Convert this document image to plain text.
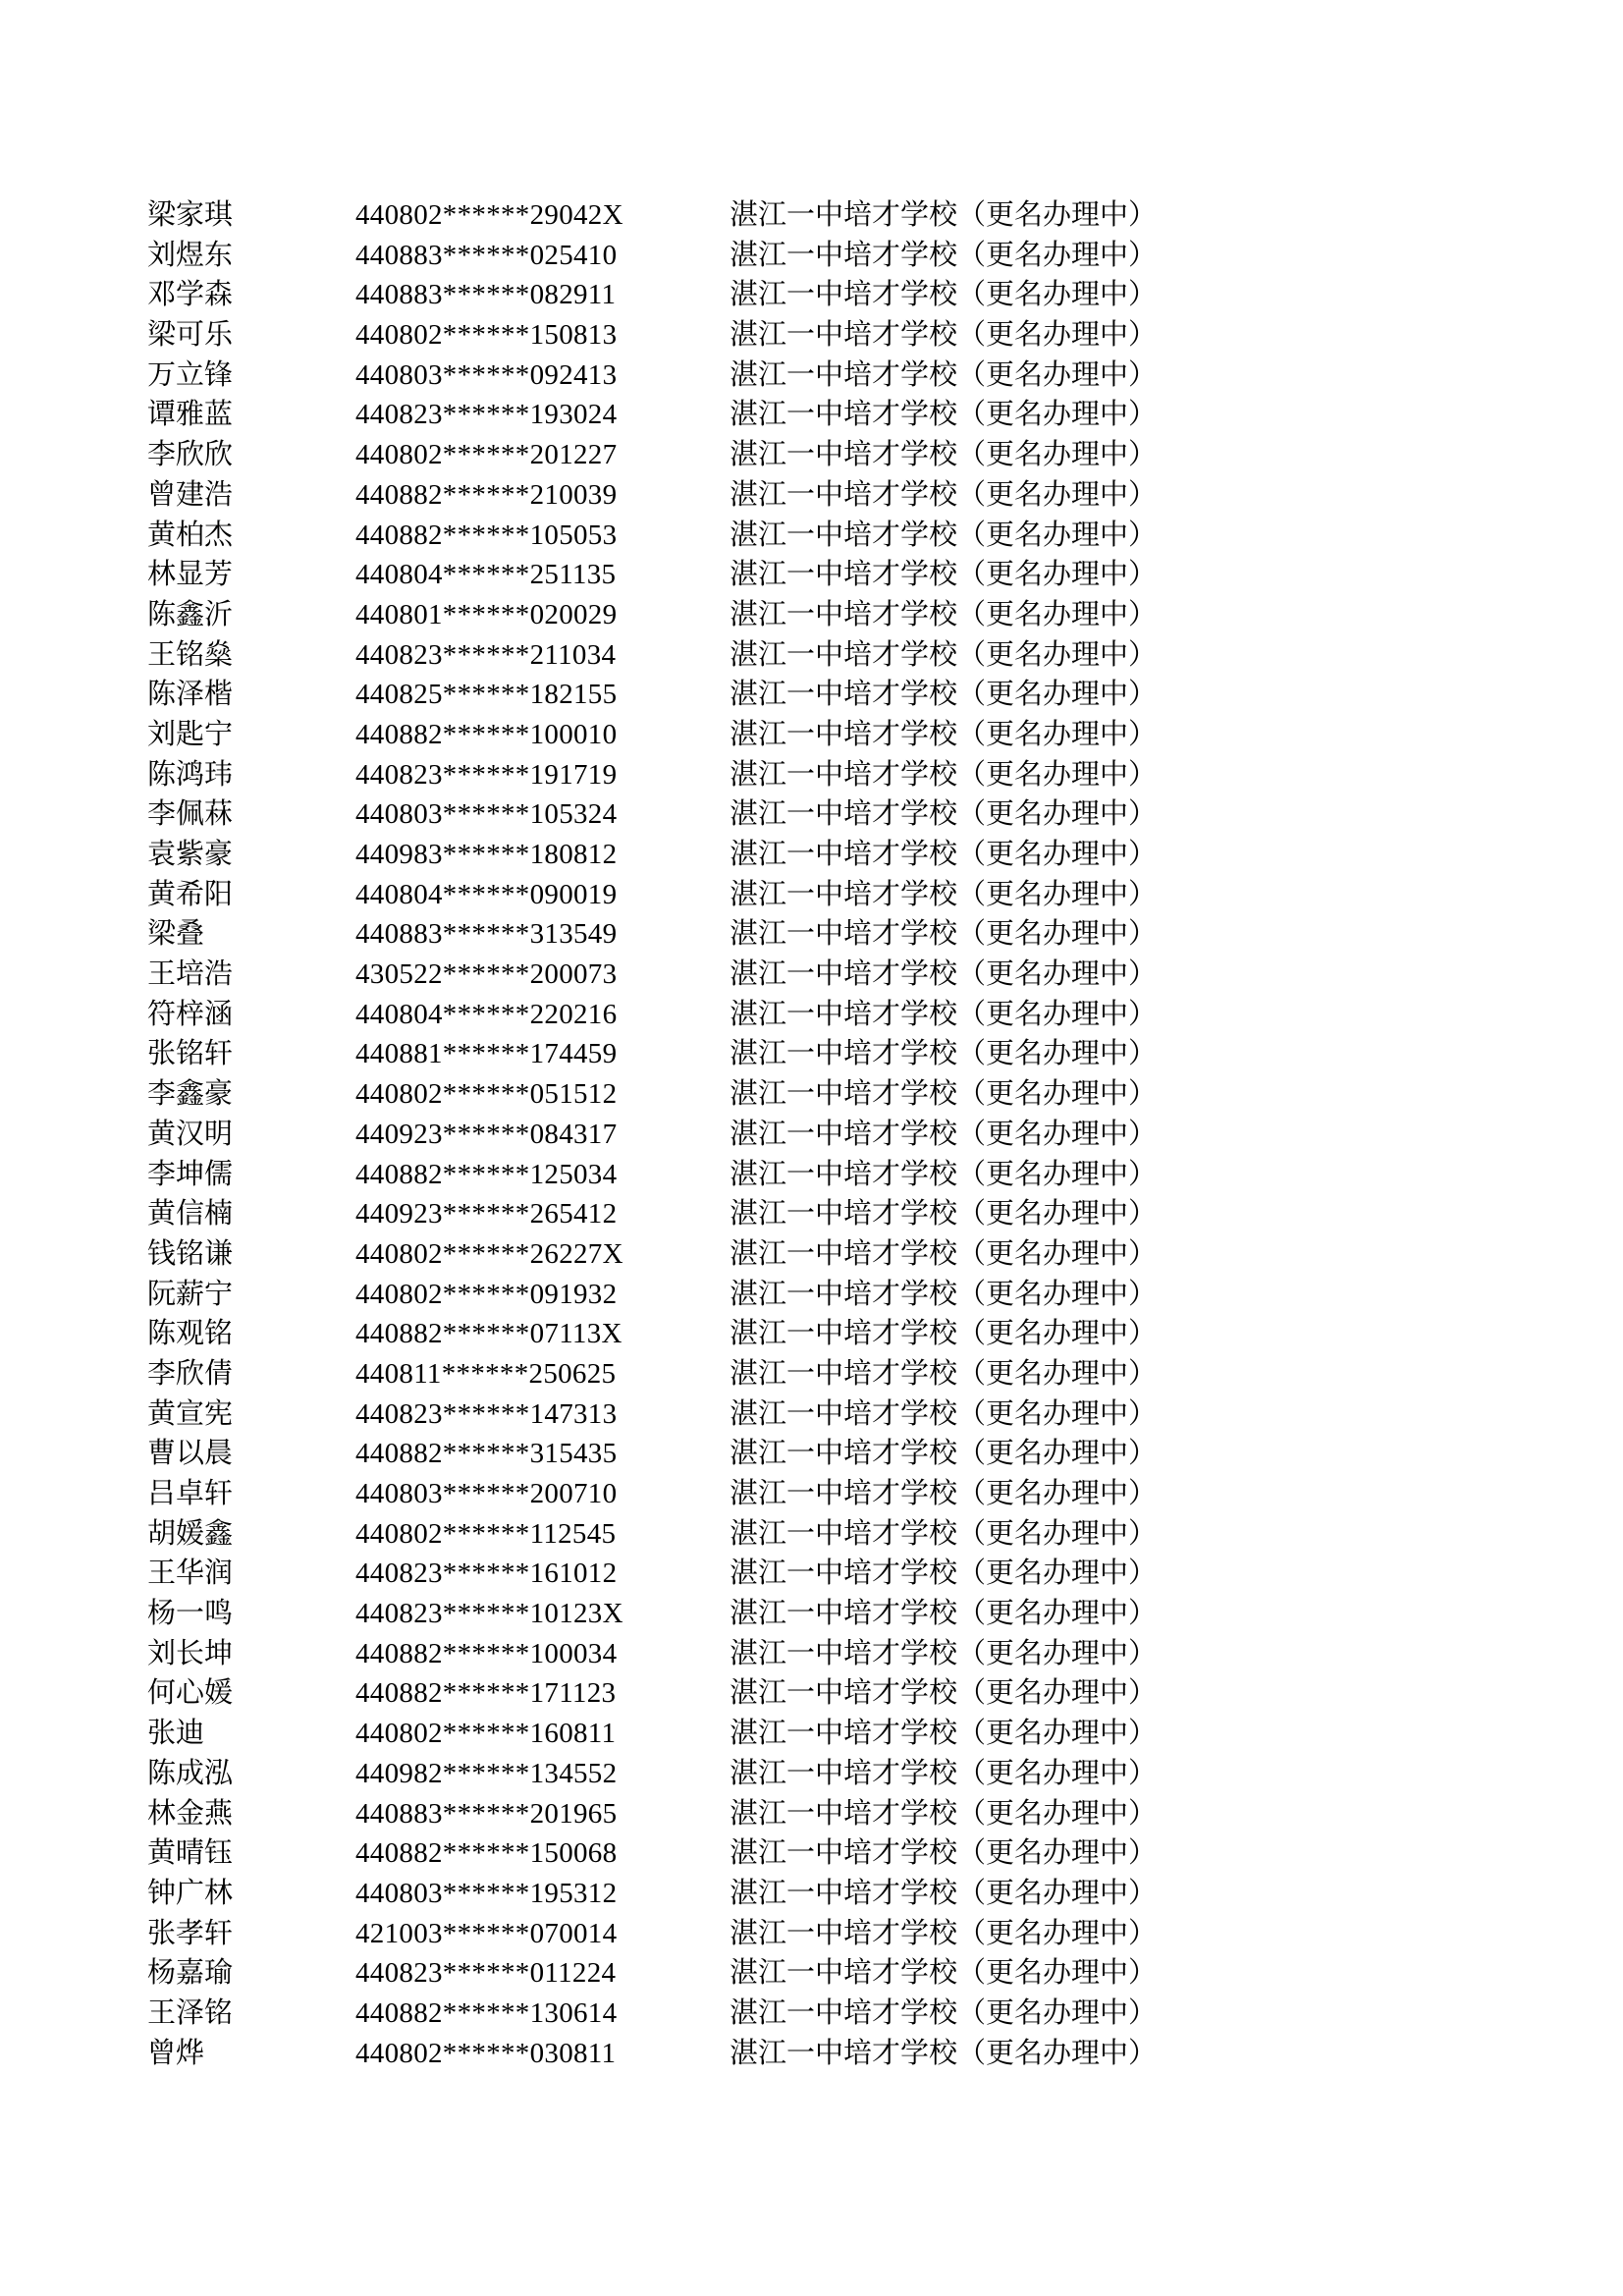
梁家琪	440802******29042X	湛江一中培才学校（更名办理中）
刘煜东	440883******025410	湛江一中培才学校（更名办理中）
邓学森	440883******082911	湛江一中培才学校（更名办理中）
梁可乐	440802******150813	湛江一中培才学校（更名办理中）
万立锋	440803******092413	湛江一中培才学校（更名办理中）
谭雅蓝	440823******193024	湛江一中培才学校（更名办理中）
李欣欣	440802******201227	湛江一中培才学校（更名办理中）
曾建浩	440882******210039	湛江一中培才学校（更名办理中）
黄柏杰	440882******105053	湛江一中培才学校（更名办理中）
林显芳	440804******251135	湛江一中培才学校（更名办理中）
陈鑫沂	440801******020029	湛江一中培才学校（更名办理中）
王铭燊	440823******211034	湛江一中培才学校（更名办理中）
陈泽楷	440825******182155	湛江一中培才学校（更名办理中）
刘匙宁	440882******100010	湛江一中培才学校（更名办理中）
陈鸿玮	440823******191719	湛江一中培才学校（更名办理中）
李佩菻	440803******105324	湛江一中培才学校（更名办理中）
袁紫豪	440983******180812	湛江一中培才学校（更名办理中）
黄希阳	440804******090019	湛江一中培才学校（更名办理中）
梁叠	440883******313549	湛江一中培才学校（更名办理中）
王培浩	430522******200073	湛江一中培才学校（更名办理中）
符梓涵	440804******220216	湛江一中培才学校（更名办理中）
张铭轩	440881******174459	湛江一中培才学校（更名办理中）
李鑫豪	440802******051512	湛江一中培才学校（更名办理中）
黄汉明	440923******084317	湛江一中培才学校（更名办理中）
李坤儒	440882******125034	湛江一中培才学校（更名办理中）
黄信楠	440923******265412	湛江一中培才学校（更名办理中）
钱铭谦	440802******26227X	湛江一中培才学校（更名办理中）
阮薪宁	440802******091932	湛江一中培才学校（更名办理中）
陈观铭	440882******07113X	湛江一中培才学校（更名办理中）
李欣倩	440811******250625	湛江一中培才学校（更名办理中）
黄宣宪	440823******147313	湛江一中培才学校（更名办理中）
曹以晨	440882******315435	湛江一中培才学校（更名办理中）
吕卓轩	440803******200710	湛江一中培才学校（更名办理中）
胡媛鑫	440802******112545	湛江一中培才学校（更名办理中）
王华润	440823******161012	湛江一中培才学校（更名办理中）
杨一鸣	440823******10123X	湛江一中培才学校（更名办理中）
刘长坤	440882******100034	湛江一中培才学校（更名办理中）
何心媛	440882******171123	湛江一中培才学校（更名办理中）
张迪	440802******160811	湛江一中培才学校（更名办理中）
陈成泓	440982******134552	湛江一中培才学校（更名办理中）
林金燕	440883******201965	湛江一中培才学校（更名办理中）
黄晴钰	440882******150068	湛江一中培才学校（更名办理中）
钟广林	440803******195312	湛江一中培才学校（更名办理中）
张孝轩	421003******070014	湛江一中培才学校（更名办理中）
杨嘉瑜	440823******011224	湛江一中培才学校（更名办理中）
王泽铭	440882******130614	湛江一中培才学校（更名办理中）
曾烨	440802******030811	湛江一中培才学校（更名办理中）
